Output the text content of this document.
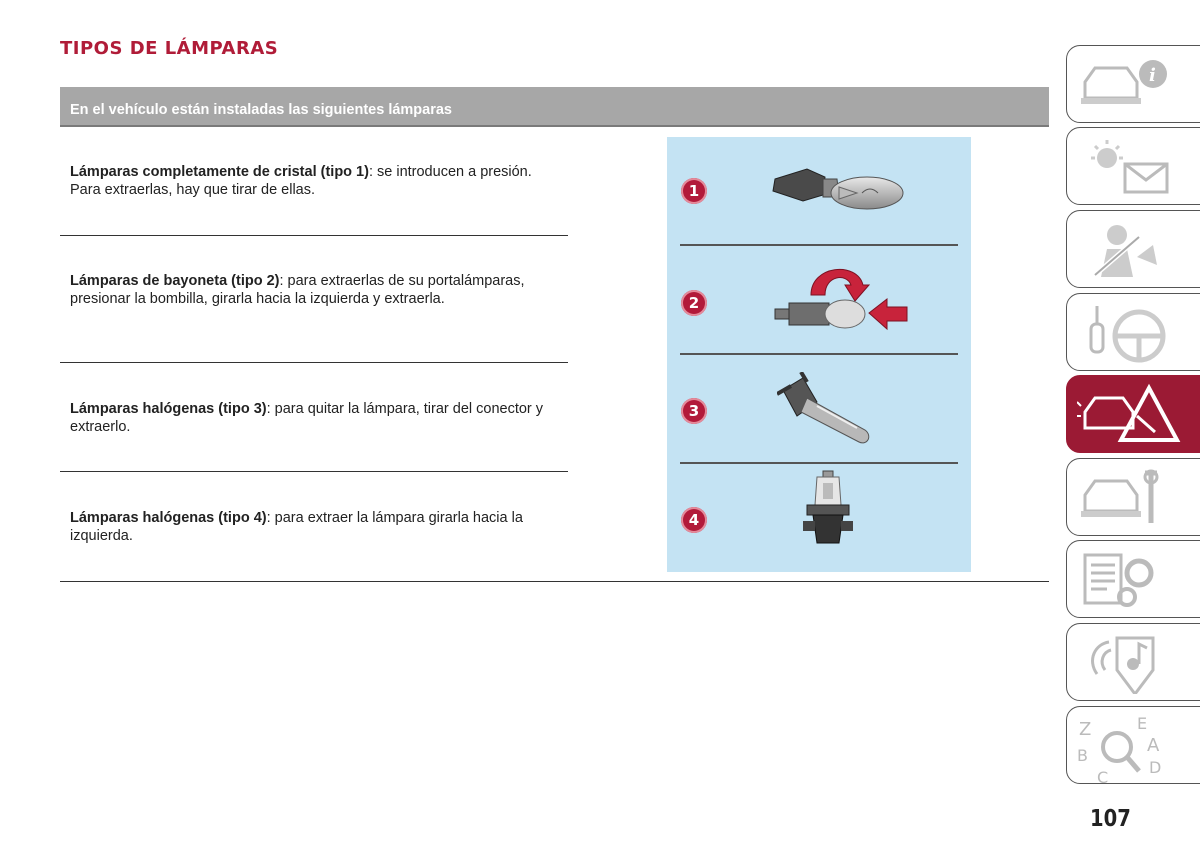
TIPOS DE LÁMPARAS
En el vehículo están instaladas las siguientes lámparas

Lámparas completamente de cristal (tipo 1): se introducen a presión. Para extraerlas, hay que tirar de ellas.

Lámparas de bayoneta (tipo 2): para extraerlas de su portalámparas, presionar la bombilla, girarla hacia la izquierda y extraerla.

Lámparas halógenas (tipo 3): para quitar la lámpara, tirar del conector y extraerlo.

Lámparas halógenas (tipo 4): para extraer la lámpara girarla hacia la izquierda.

1
2
3
4
i
Z	E
B	A
C
D
107
